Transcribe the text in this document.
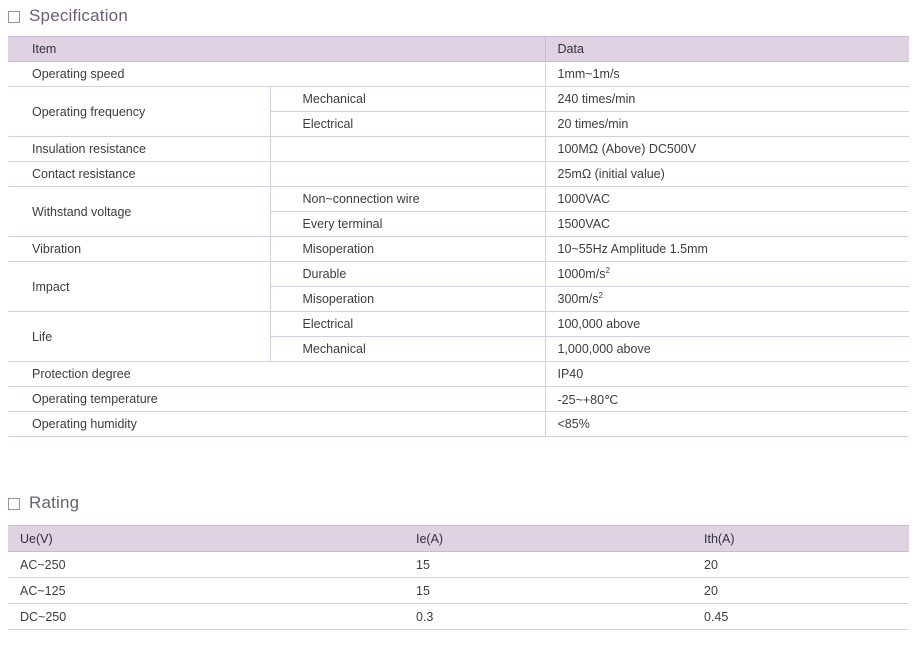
Specification
Item		Data
Operating speed		1mm~1m/s
Operating frequency	Mechanical	240 times/min
	Electrical	20 times/min
Insulation resistance		100MΩ (Above) DC500V
Contact resistance		25mΩ (initial value)
Withstand voltage	Non~connection wire	1000VAC
	Every terminal	1500VAC
Vibration	Misoperation	10~55Hz Amplitude 1.5mm
Impact	Durable	$1000m/s^2$
	Misoperation	$300m/s^2$
Life	Electrical	100,000 above
	Mechanical	1,000,000 above
Protection degree		IP40
Operating temperature		-25~+80℃
Operating humidity		<85%
Rating
Ue(V)	Ie(A)	Ith(A)
AC~250	15	20
AC~125	15	20
DC~250	0.3	0.45
